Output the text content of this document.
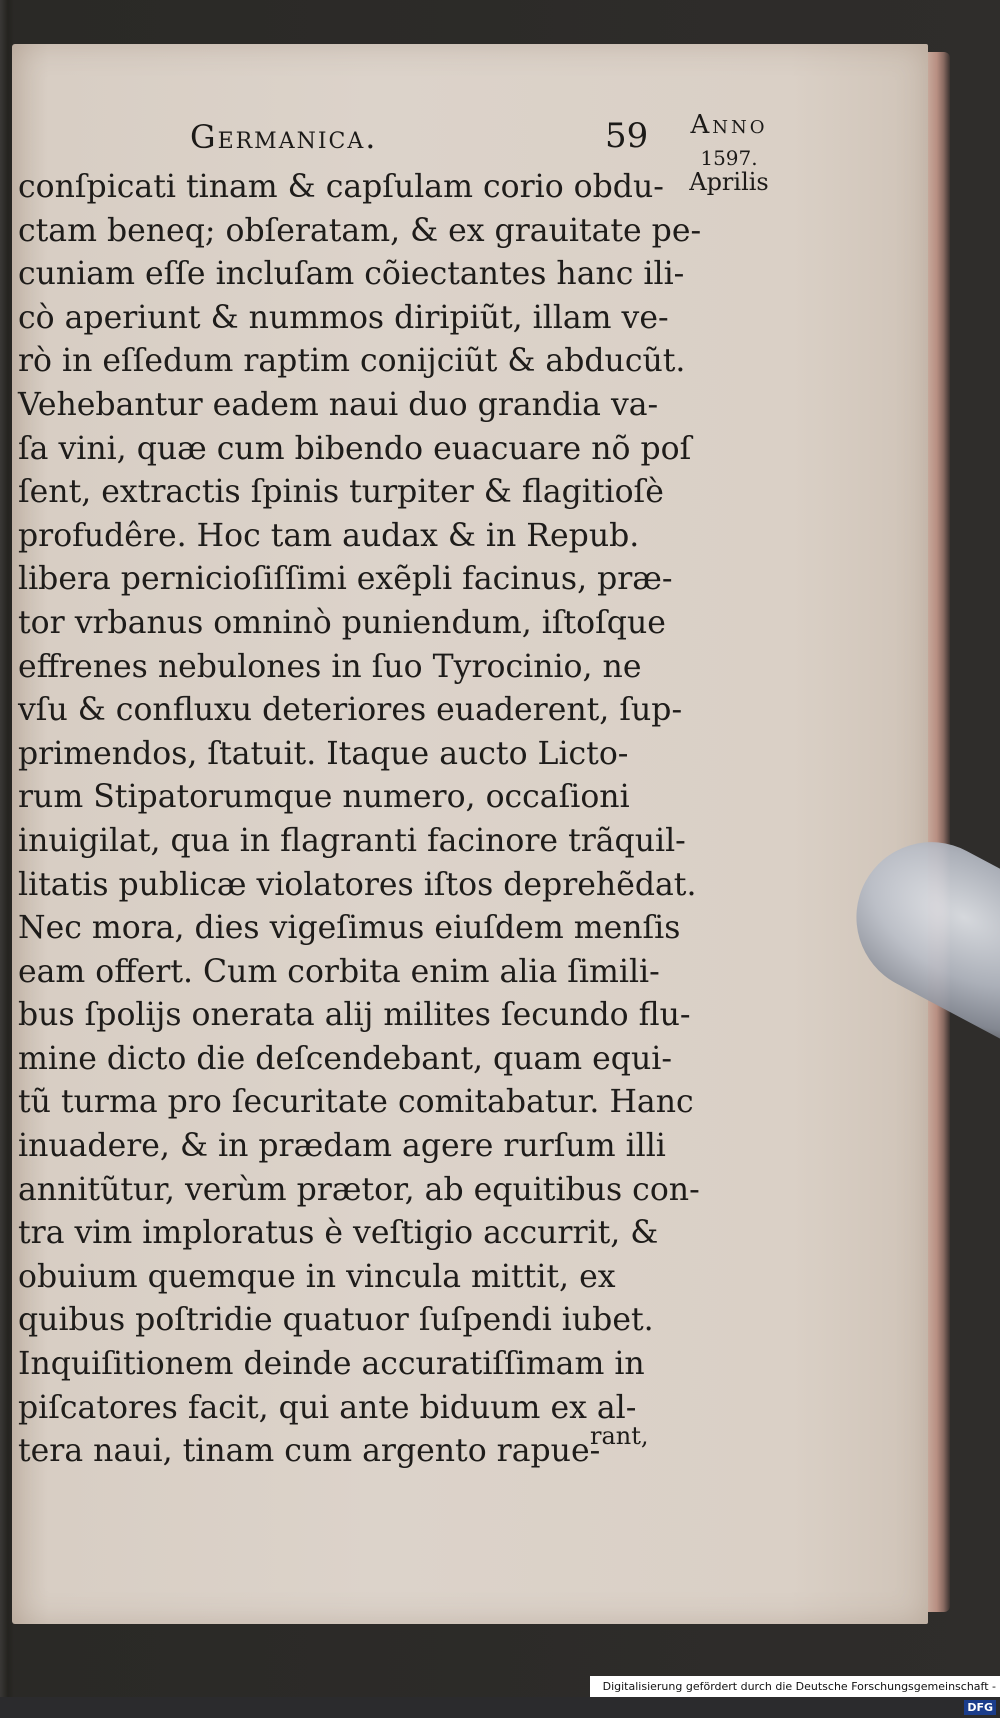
Germanica.	59	Anno
1597.
Aprilis
conſpicati tinam & capſulam corio obdu-
ctam beneq; obſeratam, & ex grauitate pe-
cuniam eſſe incluſam cõiectantes hanc ili-
cò aperiunt & nummos diripiũt, illam ve-
rò in eſſedum raptim conijciũt & abducũt.
Vehebantur eadem naui duo grandia va-
ſa vini, quæ cum bibendo euacuare nõ poſ
ſent, extractis ſpinis turpiter & flagitioſè
profudêre. Hoc tam audax & in Repub.
libera pernicioſiſſimi exẽpli facinus, præ-
tor vrbanus omninò puniendum, iſtoſque
effrenes nebulones in ſuo Tyrocinio, ne
vſu & confluxu deteriores euaderent, ſup-
primendos, ſtatuit. Itaque aucto Licto-
rum Stipatorumque numero, occaſioni
inuigilat, qua in flagranti facinore trãquil-
litatis publicæ violatores iſtos deprehẽdat.
Nec mora, dies vigeſimus eiuſdem menſis
eam offert. Cum corbita enim alia ſimili-
bus ſpolijs onerata alij milites ſecundo flu-
mine dicto die deſcendebant, quam equi-
tũ turma pro ſecuritate comitabatur. Hanc
inuadere, & in prædam agere rurſum illi
annitũtur, verùm prætor, ab equitibus con-
tra vim imploratus è veſtigio accurrit, &
obuium quemque in vincula mittit, ex
quibus poſtridie quatuor ſuſpendi iubet.
Inquiſitionem deinde accuratiſſimam in
piſcatores facit, qui ante biduum ex al-
tera naui, tinam cum argento rapue-
rant,
Digitalisierung gefördert durch die Deutsche Forschungsgemeinschaft -DFG
